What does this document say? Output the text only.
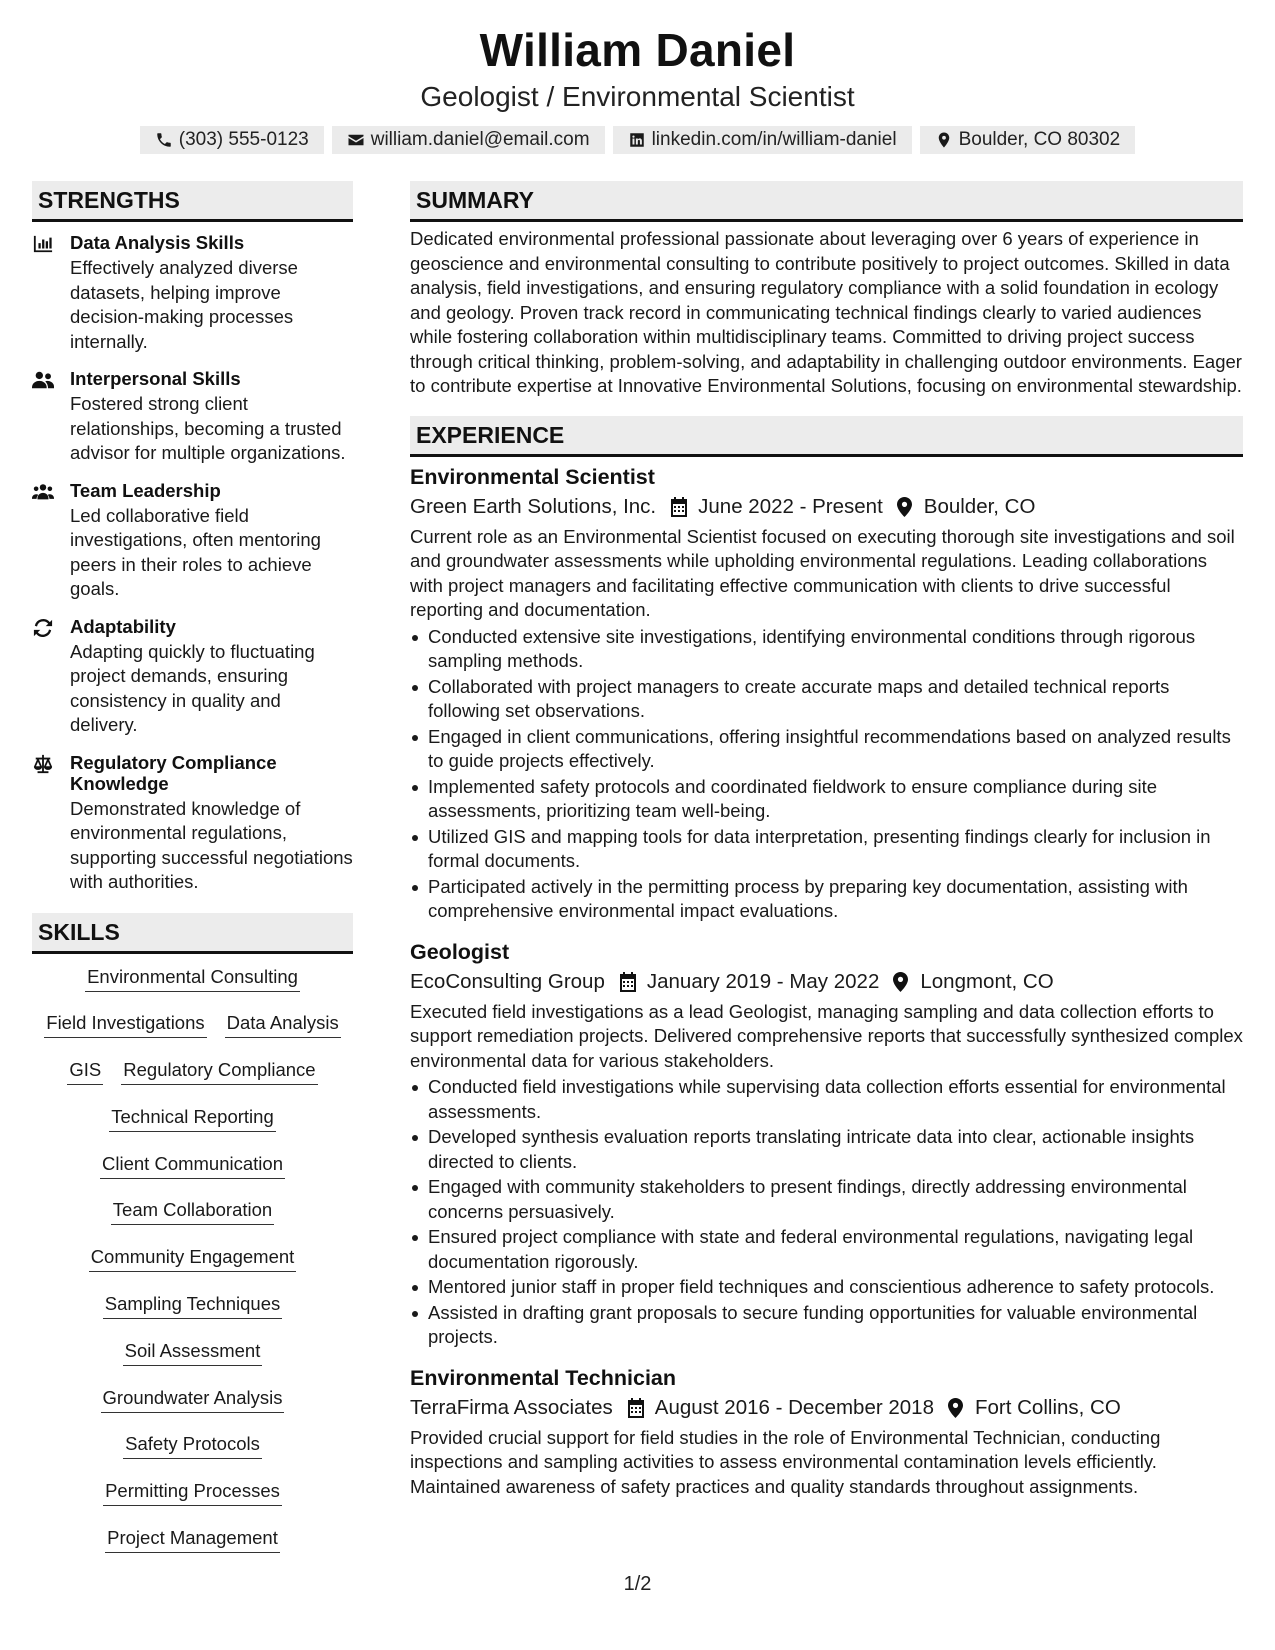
William Daniel
Geologist / Environmental Scientist
(303) 555-0123	william.daniel@email.com	linkedin.com/in/william-daniel	Boulder, CO 80302
STRENGTHS
Data Analysis Skills
Effectively analyzed diverse datasets, helping improve decision-making processes internally.
Interpersonal Skills
Fostered strong client relationships, becoming a trusted advisor for multiple organizations.
Team Leadership
Led collaborative field investigations, often mentoring peers in their roles to achieve goals.
Adaptability
Adapting quickly to fluctuating project demands, ensuring consistency in quality and delivery.
Regulatory Compliance Knowledge
Demonstrated knowledge of environmental regulations, supporting successful negotiations with authorities.
SKILLS
Environmental Consulting
Field Investigations Data Analysis
GIS Regulatory Compliance
Technical Reporting
Client Communication
Team Collaboration
Community Engagement
Sampling Techniques
Soil Assessment
Groundwater Analysis
Safety Protocols
Permitting Processes
Project Management
SUMMARY

Dedicated environmental professional passionate about leveraging over 6 years of experience in geoscience and environmental consulting to contribute positively to project outcomes. Skilled in data analysis, field investigations, and ensuring regulatory compliance with a solid foundation in ecology and geology. Proven track record in communicating technical findings clearly to varied audiences while fostering collaboration within multidisciplinary teams. Committed to driving project success through critical thinking, problem-solving, and adaptability in challenging outdoor environments. Eager to contribute expertise at Innovative Environmental Solutions, focusing on environmental stewardship.

EXPERIENCE
Environmental Scientist
Green Earth Solutions, Inc. June 2022 - Present Boulder, CO

Current role as an Environmental Scientist focused on executing thorough site investigations and soil and groundwater assessments while upholding environmental regulations. Leading collaborations with project managers and facilitating effective communication with clients to drive successful reporting and documentation.

Conducted extensive site investigations, identifying environmental conditions through rigorous sampling methods.
Collaborated with project managers to create accurate maps and detailed technical reports following set observations.
Engaged in client communications, offering insightful recommendations based on analyzed results to guide projects effectively.
Implemented safety protocols and coordinated fieldwork to ensure compliance during site assessments, prioritizing team well-being.
Utilized GIS and mapping tools for data interpretation, presenting findings clearly for inclusion in formal documents.
Participated actively in the permitting process by preparing key documentation, assisting with comprehensive environmental impact evaluations.
Geologist
EcoConsulting Group January 2019 - May 2022 Longmont, CO

Executed field investigations as a lead Geologist, managing sampling and data collection efforts to support remediation projects. Delivered comprehensive reports that successfully synthesized complex environmental data for various stakeholders.

Conducted field investigations while supervising data collection efforts essential for environmental assessments.
Developed synthesis evaluation reports translating intricate data into clear, actionable insights directed to clients.
Engaged with community stakeholders to present findings, directly addressing environmental concerns persuasively.
Ensured project compliance with state and federal environmental regulations, navigating legal documentation rigorously.
Mentored junior staff in proper field techniques and conscientious adherence to safety protocols.
Assisted in drafting grant proposals to secure funding opportunities for valuable environmental projects.
Environmental Technician
TerraFirma Associates August 2016 - December 2018 Fort Collins, CO

Provided crucial support for field studies in the role of Environmental Technician, conducting inspections and sampling activities to assess environmental contamination levels efficiently. Maintained awareness of safety practices and quality standards throughout assignments.

1/2
